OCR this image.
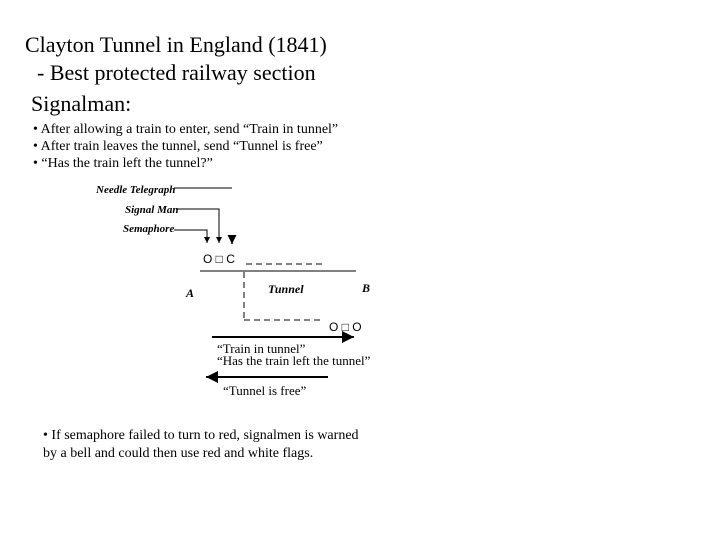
Clayton Tunnel in England (1841)
- Best protected railway section
Signalman:
• After allowing a train to enter, send “Train in tunnel”
• After train leaves the tunnel, send “Tunnel is free”
• “Has the train left the tunnel?”
Needle Telegraph
Signal Man
Semaphore
O □ C
A	Tunnel	B
O □ O
“Train in tunnel”
“Has the train left the tunnel”
“Tunnel is free”
• If semaphore failed to turn to red, signalmen is warned by a bell and could then use red and white flags.
